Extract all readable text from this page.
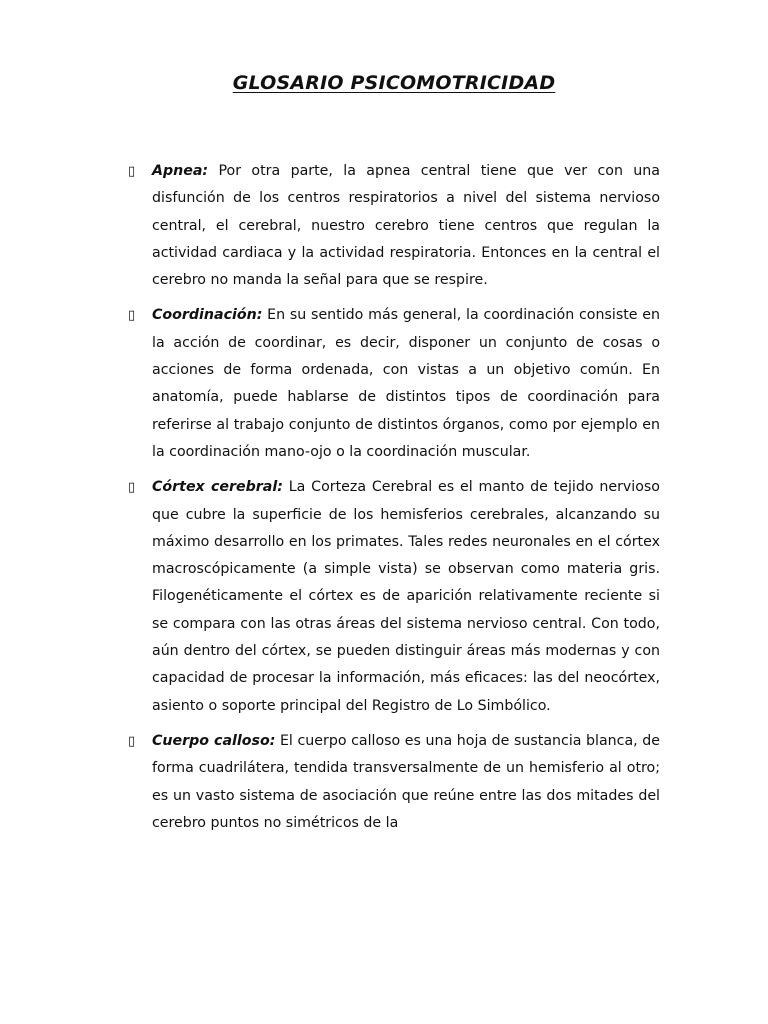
GLOSARIO PSICOMOTRICIDAD
▯ Apnea: Por otra parte, la apnea central tiene que ver con una disfunción de los centros respiratorios a nivel del sistema nervioso central, el cerebral, nuestro cerebro tiene centros que regulan la actividad cardiaca y la actividad respiratoria. Entonces en la central el cerebro no manda la señal para que se respire.
▯ Coordinación: En su sentido más general, la coordinación consiste en la acción de coordinar, es decir, disponer un conjunto de cosas o acciones de forma ordenada, con vistas a un objetivo común. En anatomía, puede hablarse de distintos tipos de coordinación para referirse al trabajo conjunto de distintos órganos, como por ejemplo en la coordinación mano-ojo o la coordinación muscular.
▯ Córtex cerebral: La Corteza Cerebral es el manto de tejido nervioso que cubre la superficie de los hemisferios cerebrales, alcanzando su máximo desarrollo en los primates. Tales redes neuronales en el córtex macroscópicamente (a simple vista) se observan como materia gris. Filogenéticamente el córtex es de aparición relativamente reciente si se compara con las otras áreas del sistema nervioso central. Con todo, aún dentro del córtex, se pueden distinguir áreas más modernas y con capacidad de procesar la información, más eficaces: las del neocórtex, asiento o soporte principal del Registro de Lo Simbólico.
▯ Cuerpo calloso: El cuerpo calloso es una hoja de sustancia blanca, de forma cuadrilátera, tendida transversalmente de un hemisferio al otro; es un vasto sistema de asociación que reúne entre las dos mitades del cerebro puntos no simétricos de la
